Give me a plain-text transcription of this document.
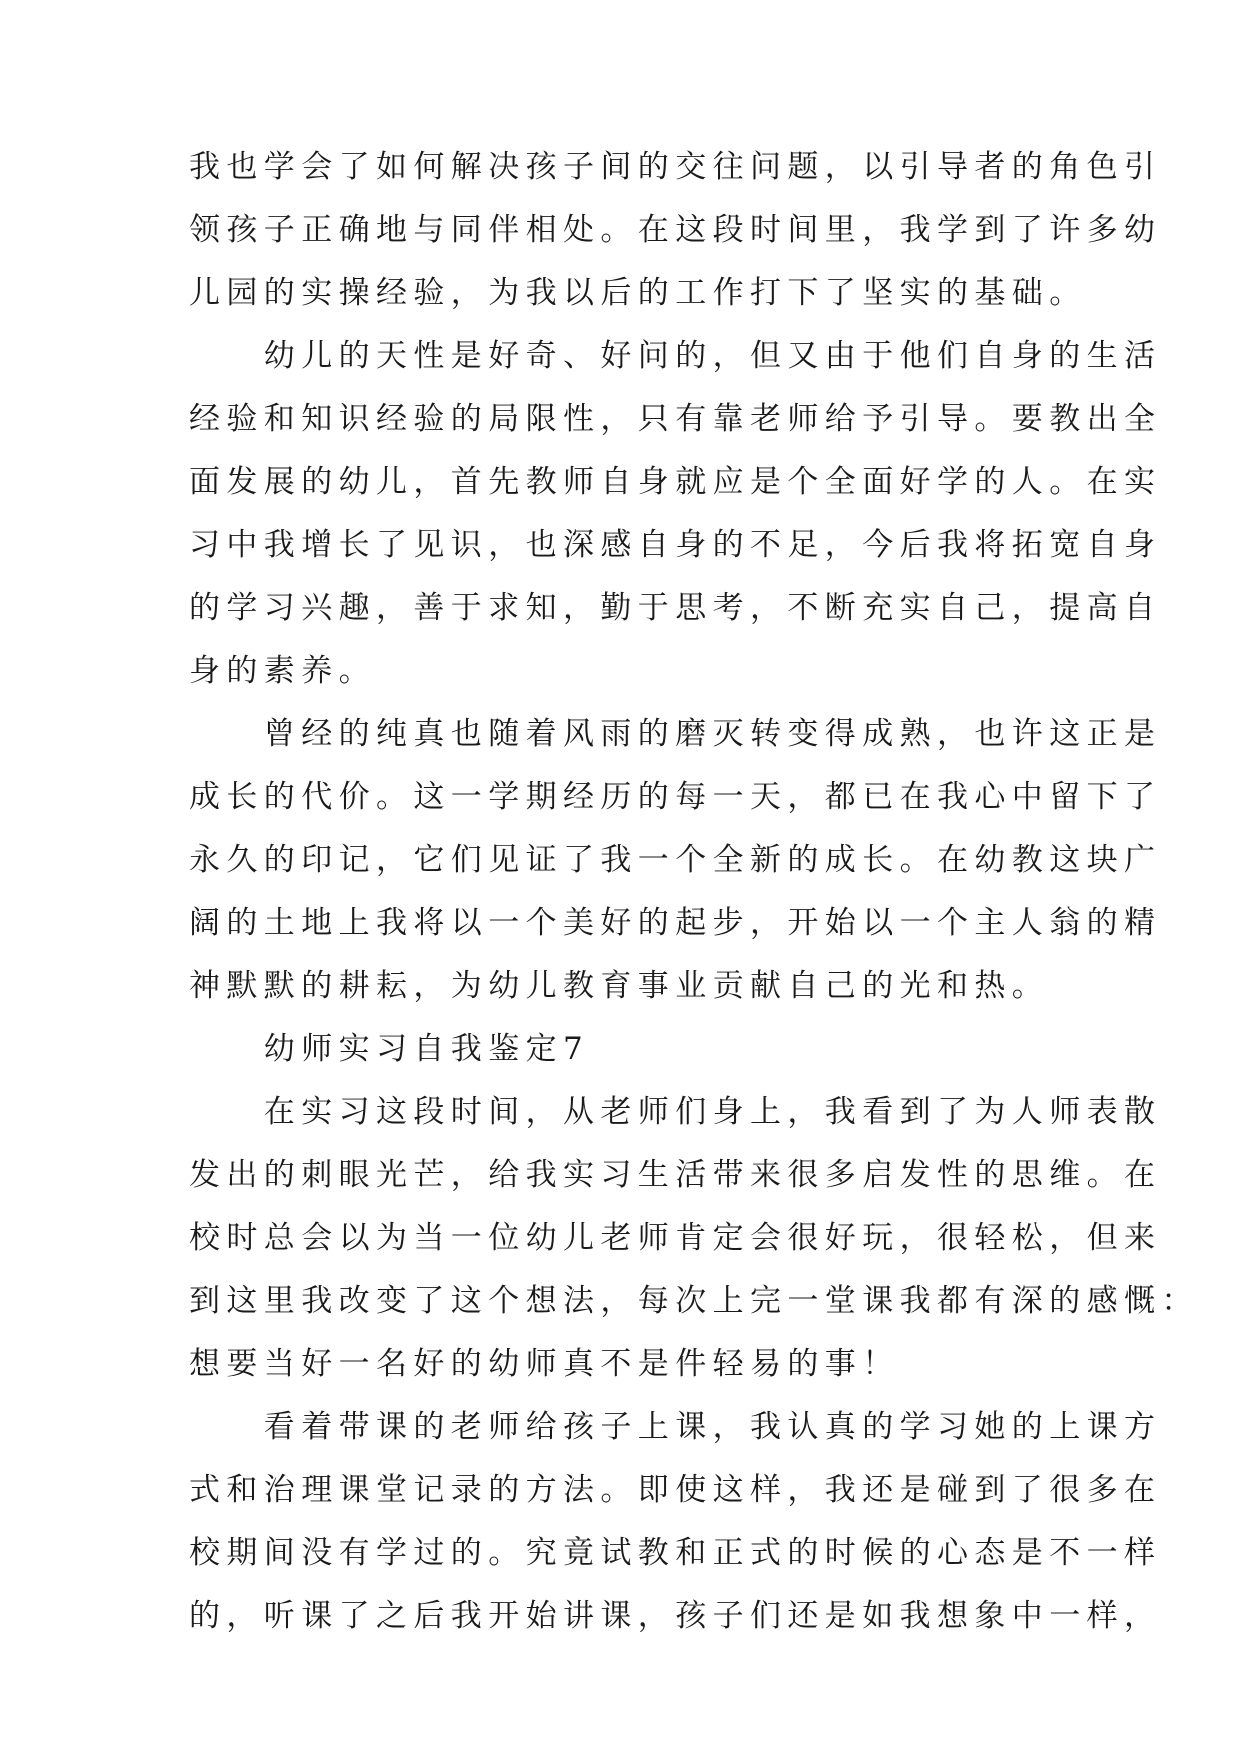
我也学会了如何解决孩子间的交往问题，以引导者的角色引
领孩子正确地与同伴相处。在这段时间里，我学到了许多幼
儿园的实操经验，为我以后的工作打下了坚实的基础。
　　幼儿的天性是好奇、好问的，但又由于他们自身的生活
经验和知识经验的局限性，只有靠老师给予引导。要教出全
面发展的幼儿，首先教师自身就应是个全面好学的人。在实
习中我增长了见识，也深感自身的不足，今后我将拓宽自身
的学习兴趣，善于求知，勤于思考，不断充实自己，提高自
身的素养。
　　曾经的纯真也随着风雨的磨灭转变得成熟，也许这正是
成长的代价。这一学期经历的每一天，都已在我心中留下了
永久的印记，它们见证了我一个全新的成长。在幼教这块广
阔的土地上我将以一个美好的起步，开始以一个主人翁的精
神默默的耕耘，为幼儿教育事业贡献自己的光和热。
　　幼师实习自我鉴定7
　　在实习这段时间，从老师们身上，我看到了为人师表散
发出的刺眼光芒，给我实习生活带来很多启发性的思维。在
校时总会以为当一位幼儿老师肯定会很好玩，很轻松，但来
到这里我改变了这个想法，每次上完一堂课我都有深的感慨：
想要当好一名好的幼师真不是件轻易的事！
　　看着带课的老师给孩子上课，我认真的学习她的上课方
式和治理课堂记录的方法。即使这样，我还是碰到了很多在
校期间没有学过的。究竟试教和正式的时候的心态是不一样
的，听课了之后我开始讲课，孩子们还是如我想象中一样，
